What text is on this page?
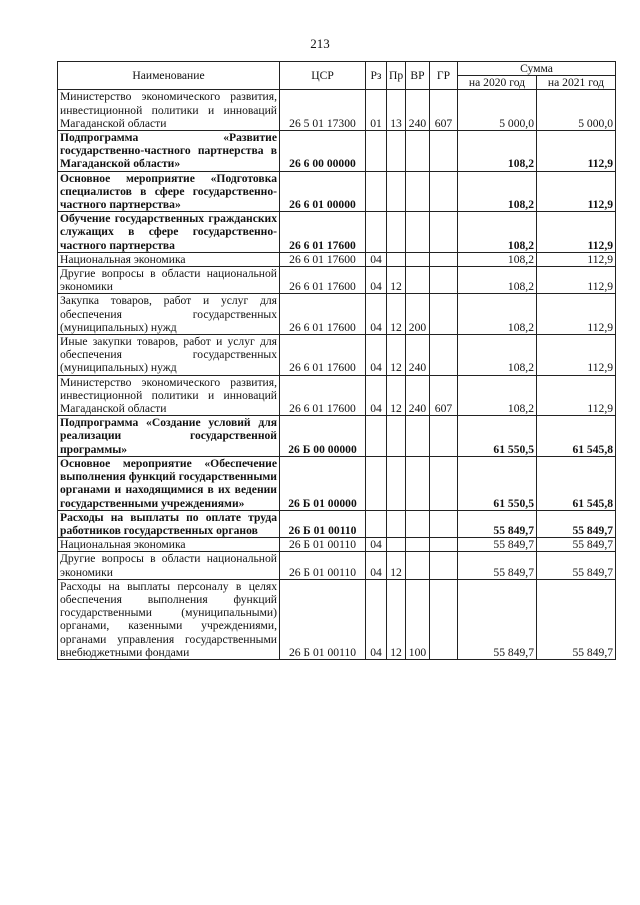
213
Наименование	ЦСР	Рз	Пр	ВР	ГР	Сумма	
						на 2020 год	на 2021 год
Министерство экономического развития, инвестиционной политики и инноваций Магаданской области	26 5 01 17300	01	13	240	607	5 000,0	5 000,0
Подпрограмма «Развитие государственно-частного партнерства в Магаданской области»	26 6 00 00000					108,2	112,9
Основное мероприятие «Подготовка специалистов в сфере государственно-частного партнерства»	26 6 01 00000					108,2	112,9
Обучение государственных гражданских служащих в сфере государственно-частного партнерства	26 6 01 17600					108,2	112,9
Национальная экономика	26 6 01 17600	04				108,2	112,9
Другие вопросы в области национальной экономики	26 6 01 17600	04	12			108,2	112,9
Закупка товаров, работ и услуг для обеспечения государственных (муниципальных) нужд	26 6 01 17600	04	12	200		108,2	112,9
Иные закупки товаров, работ и услуг для обеспечения государственных (муниципальных) нужд	26 6 01 17600	04	12	240		108,2	112,9
Министерство экономического развития, инвестиционной политики и инноваций Магаданской области	26 6 01 17600	04	12	240	607	108,2	112,9
Подпрограмма «Создание условий для реализации государственной программы»	26 Б 00 00000					61 550,5	61 545,8
Основное мероприятие «Обеспечение выполнения функций государственными органами и находящимися в их ведении государственными учреждениями»	26 Б 01 00000					61 550,5	61 545,8
Расходы на выплаты по оплате труда работников государственных органов	26 Б 01 00110					55 849,7	55 849,7
Национальная экономика	26 Б 01 00110	04				55 849,7	55 849,7
Другие вопросы в области национальной экономики	26 Б 01 00110	04	12			55 849,7	55 849,7
Расходы на выплаты персоналу в целях обеспечения выполнения функций государственными (муниципальными) органами, казенными учреждениями, органами управления государственными внебюджетными фондами	26 Б 01 00110	04	12	100		55 849,7	55 849,7
